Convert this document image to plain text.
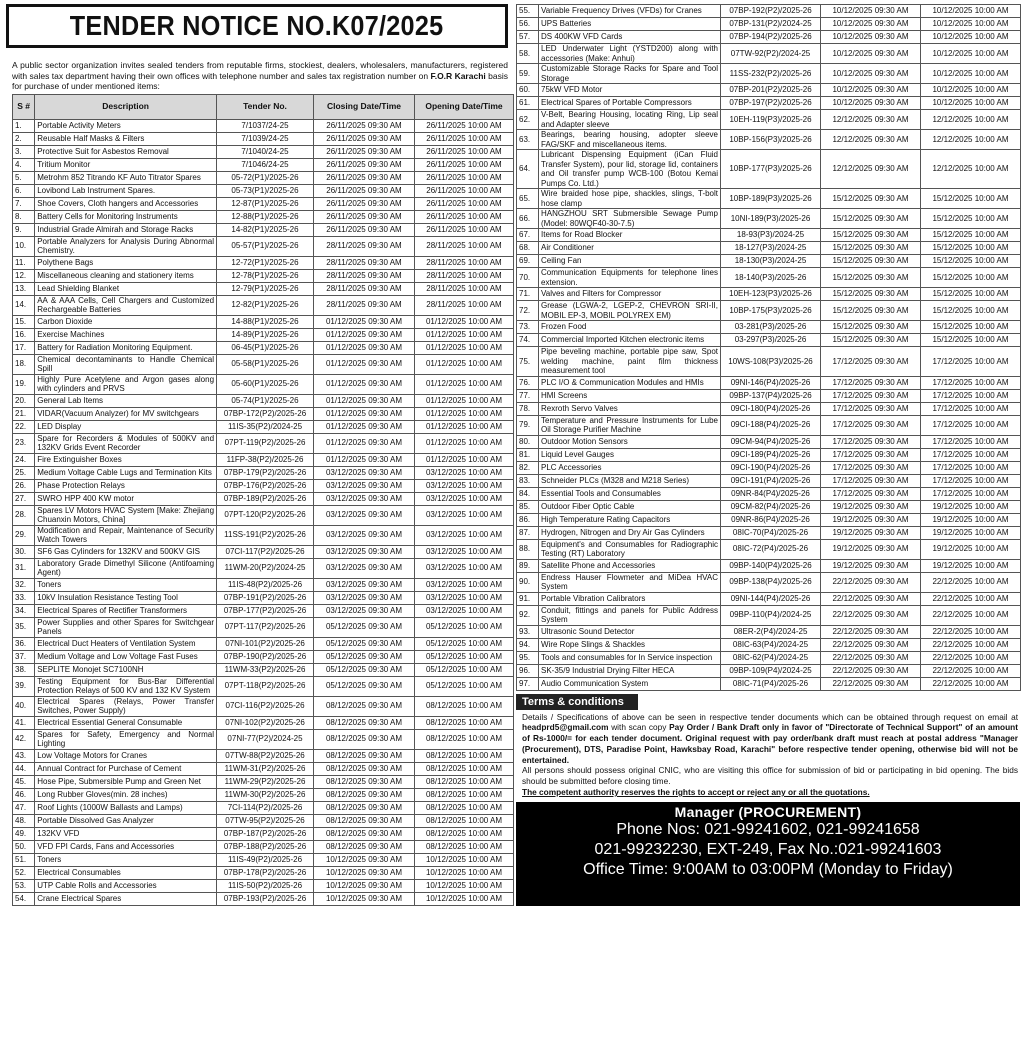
TENDER NOTICE NO.K07/2025
A public sector organization invites sealed tenders from reputable firms, stockiest, dealers, wholesalers, manufacturers, registered with sales tax department having their own offices with telephone number and sales tax registration number on F.O.R Karachi basis for purchase of under mentioned items:
S #	Description	Tender No.	Closing Date/Time	Opening Date/Time
1.	Portable Activity Meters	7/1037/24-25	26/11/2025 09:30 AM	26/11/2025 10:00 AM
2.	Reusable Half Masks & Filters	7/1039/24-25	26/11/2025 09:30 AM	26/11/2025 10:00 AM
3.	Protective Suit for Asbestos Removal	7/1040/24-25	26/11/2025 09:30 AM	26/11/2025 10:00 AM
4.	Tritium Monitor	7/1046/24-25	26/11/2025 09:30 AM	26/11/2025 10:00 AM
5.	Metrohm 852 Titrando KF Auto Titrator Spares	05-72(P1)/2025-26	26/11/2025 09:30 AM	26/11/2025 10:00 AM
6.	Lovibond Lab Instrument Spares.	05-73(P1)/2025-26	26/11/2025 09:30 AM	26/11/2025 10:00 AM
7.	Shoe Covers, Cloth hangers and Accessories	12-87(P1)/2025-26	26/11/2025 09:30 AM	26/11/2025 10:00 AM
8.	Battery Cells for Monitoring Instruments	12-88(P1)/2025-26	26/11/2025 09:30 AM	26/11/2025 10:00 AM
9.	Industrial Grade Almirah and Storage Racks	14-82(P1)/2025-26	26/11/2025 09:30 AM	26/11/2025 10:00 AM
10.	Portable Analyzers for Analysis During Abnormal Chemistry.	05-57(P1)/2025-26	28/11/2025 09:30 AM	28/11/2025 10:00 AM
11.	Polythene Bags	12-72(P1)/2025-26	28/11/2025 09:30 AM	28/11/2025 10:00 AM
12.	Miscellaneous cleaning and stationery items	12-78(P1)/2025-26	28/11/2025 09:30 AM	28/11/2025 10:00 AM
13.	Lead Shielding Blanket	12-79(P1)/2025-26	28/11/2025 09:30 AM	28/11/2025 10:00 AM
14.	AA & AAA Cells, Cell Chargers and Customized Rechargeable Batteries	12-82(P1)/2025-26	28/11/2025 09:30 AM	28/11/2025 10:00 AM
15.	Carbon Dioxide	14-88(P1)/2025-26	01/12/2025 09:30 AM	01/12/2025 10:00 AM
16.	Exercise Machines	14-89(P1)/2025-26	01/12/2025 09:30 AM	01/12/2025 10:00 AM
17.	Battery for Radiation Monitoring Equipment.	06-45(P1)/2025-26	01/12/2025 09:30 AM	01/12/2025 10:00 AM
18.	Chemical decontaminants to Handle Chemical Spill	05-58(P1)/2025-26	01/12/2025 09:30 AM	01/12/2025 10:00 AM
19.	Highly Pure Acetylene and Argon gases along with cylinders and PRVS	05-60(P1)/2025-26	01/12/2025 09:30 AM	01/12/2025 10:00 AM
20.	General Lab Items	05-74(P1)/2025-26	01/12/2025 09:30 AM	01/12/2025 10:00 AM
21.	VIDAR(Vacuum Analyzer) for MV switchgears	07BP-172(P2)/2025-26	01/12/2025 09:30 AM	01/12/2025 10:00 AM
22.	LED Display	11IS-35(P2)/2024-25	01/12/2025 09:30 AM	01/12/2025 10:00 AM
23.	Spare for Recorders & Modules of 500KV and 132KV Grids Event Recorder	07PT-119(P2)/2025-26	01/12/2025 09:30 AM	01/12/2025 10:00 AM
24.	Fire Extinguisher Boxes	11FP-38(P2)/2025-26	01/12/2025 09:30 AM	01/12/2025 10:00 AM
25.	Medium Voltage Cable Lugs and Termination Kits	07BP-179(P2)/2025-26	03/12/2025 09:30 AM	03/12/2025 10:00 AM
26.	Phase Protection Relays	07BP-176(P2)/2025-26	03/12/2025 09:30 AM	03/12/2025 10:00 AM
27.	SWRO HPP 400 KW motor	07BP-189(P2)/2025-26	03/12/2025 09:30 AM	03/12/2025 10:00 AM
28.	Spares LV Motors HVAC System [Make: Zhejiang Chuanxin Motors, China]	07PT-120(P2)/2025-26	03/12/2025 09:30 AM	03/12/2025 10:00 AM
29.	Modification and Repair, Maintenance of Security Watch Towers	11SS-191(P2)/2025-26	03/12/2025 09:30 AM	03/12/2025 10:00 AM
30.	SF6 Gas Cylinders for 132KV and 500KV GIS	07CI-117(P2)/2025-26	03/12/2025 09:30 AM	03/12/2025 10:00 AM
31.	Laboratory Grade Dimethyl Silicone (Antifoaming Agent)	11WM-20(P2)/2024-25	03/12/2025 09:30 AM	03/12/2025 10:00 AM
32.	Toners	11IS-48(P2)/2025-26	03/12/2025 09:30 AM	03/12/2025 10:00 AM
33.	10kV Insulation Resistance Testing Tool	07BP-191(P2)/2025-26	03/12/2025 09:30 AM	03/12/2025 10:00 AM
34.	Electrical Spares of Rectifier Transformers	07BP-177(P2)/2025-26	03/12/2025 09:30 AM	03/12/2025 10:00 AM
35.	Power Supplies and other Spares for Switchgear Panels	07PT-117(P2)/2025-26	05/12/2025 09:30 AM	05/12/2025 10:00 AM
36.	Electrical Duct Heaters of Ventilation System	07NI-101(P2)/2025-26	05/12/2025 09:30 AM	05/12/2025 10:00 AM
37.	Medium Voltage and Low Voltage Fast Fuses	07BP-190(P2)/2025-26	05/12/2025 09:30 AM	05/12/2025 10:00 AM
38.	SEPLITE Monojet SC7100NH	11WM-33(P2)/2025-26	05/12/2025 09:30 AM	05/12/2025 10:00 AM
39.	Testing Equipment for Bus-Bar Differential Protection Relays of 500 KV and 132 KV System	07PT-118(P2)/2025-26	05/12/2025 09:30 AM	05/12/2025 10:00 AM
40.	Electrical Spares (Relays, Power Transfer Switches, Power Supply)	07CI-116(P2)/2025-26	08/12/2025 09:30 AM	08/12/2025 10:00 AM
41.	Electrical Essential General Consumable	07NI-102(P2)/2025-26	08/12/2025 09:30 AM	08/12/2025 10:00 AM
42.	Spares for Safety, Emergency and Normal Lighting	07NI-77(P2)/2024-25	08/12/2025 09:30 AM	08/12/2025 10:00 AM
43.	Low Voltage Motors for Cranes	07TW-88(P2)/2025-26	08/12/2025 09:30 AM	08/12/2025 10:00 AM
44.	Annual Contract for Purchase of Cement	11WM-31(P2)/2025-26	08/12/2025 09:30 AM	08/12/2025 10:00 AM
45.	Hose Pipe, Submersible Pump and Green Net	11WM-29(P2)/2025-26	08/12/2025 09:30 AM	08/12/2025 10:00 AM
46.	Long Rubber Gloves(min. 28 inches)	11WM-30(P2)/2025-26	08/12/2025 09:30 AM	08/12/2025 10:00 AM
47.	Roof Lights (1000W Ballasts and Lamps)	7CI-114(P2)/2025-26	08/12/2025 09:30 AM	08/12/2025 10:00 AM
48.	Portable Dissolved Gas Analyzer	07TW-95(P2)/2025-26	08/12/2025 09:30 AM	08/12/2025 10:00 AM
49.	132KV VFD	07BP-187(P2)/2025-26	08/12/2025 09:30 AM	08/12/2025 10:00 AM
50.	VFD FPI Cards, Fans and Accessories	07BP-188(P2)/2025-26	08/12/2025 09:30 AM	08/12/2025 10:00 AM
51.	Toners	11IS-49(P2)/2025-26	10/12/2025 09:30 AM	10/12/2025 10:00 AM
52.	Electrical Consumables	07BP-178(P2)/2025-26	10/12/2025 09:30 AM	10/12/2025 10:00 AM
53.	UTP Cable Rolls and Accessories	11IS-50(P2)/2025-26	10/12/2025 09:30 AM	10/12/2025 10:00 AM
54.	Crane Electrical Spares	07BP-193(P2)/2025-26	10/12/2025 09:30 AM	10/12/2025 10:00 AM
55.	Variable Frequency Drives (VFDs) for Cranes	07BP-192(P2)/2025-26	10/12/2025 09:30 AM	10/12/2025 10:00 AM
56.	UPS Batteries	07BP-131(P2)/2024-25	10/12/2025 09:30 AM	10/12/2025 10:00 AM
57.	DS 400KW VFD Cards	07BP-194(P2)/2025-26	10/12/2025 09:30 AM	10/12/2025 10:00 AM
58.	LED Underwater Light (YSTD200) along with accessories (Make: Anhui)	07TW-92(P2)/2024-25	10/12/2025 09:30 AM	10/12/2025 10:00 AM
59.	Customizable Storage Racks for Spare and Tool Storage	11SS-232(P2)/2025-26	10/12/2025 09:30 AM	10/12/2025 10:00 AM
60.	75kW VFD Motor	07BP-201(P2)/2025-26	10/12/2025 09:30 AM	10/12/2025 10:00 AM
61.	Electrical Spares of Portable Compressors	07BP-197(P2)/2025-26	10/12/2025 09:30 AM	10/12/2025 10:00 AM
62.	V-Belt, Bearing Housing, locating Ring, Lip seal and Adapter sleeve	10EH-119(P3)/2025-26	12/12/2025 09:30 AM	12/12/2025 10:00 AM
63.	Bearings, bearing housing, adopter sleeve FAG/SKF and miscellaneous items.	10BP-156(P3)/2025-26	12/12/2025 09:30 AM	12/12/2025 10:00 AM
64.	Lubricant Dispensing Equipment (iCan Fluid Transfer System), pour lid, storage lid, containers and Oil transfer pump WCB-100 (Botou Kemai Pumps Co. Ltd.)	10BP-177(P3)/2025-26	12/12/2025 09:30 AM	12/12/2025 10:00 AM
65.	Wire braided hose pipe, shackles, slings, T-bolt hose clamp	10BP-189(P3)/2025-26	15/12/2025 09:30 AM	15/12/2025 10:00 AM
66.	HANGZHOU SRT Submersible Sewage Pump (Model: 80WQF40-30-7.5)	10NI-189(P3)/2025-26	15/12/2025 09:30 AM	15/12/2025 10:00 AM
67.	Items for Road Blocker	18-93(P3)/2024-25	15/12/2025 09:30 AM	15/12/2025 10:00 AM
68.	Air Conditioner	18-127(P3)/2024-25	15/12/2025 09:30 AM	15/12/2025 10:00 AM
69.	Ceiling Fan	18-130(P3)/2024-25	15/12/2025 09:30 AM	15/12/2025 10:00 AM
70.	Communication Equipments for telephone lines extension.	18-140(P3)/2025-26	15/12/2025 09:30 AM	15/12/2025 10:00 AM
71.	Valves and Filters for Compressor	10EH-123(P3)/2025-26	15/12/2025 09:30 AM	15/12/2025 10:00 AM
72.	Grease (LGWA-2, LGEP-2, CHEVRON SRI-II, MOBIL EP-3, MOBIL POLYREX EM)	10BP-175(P3)/2025-26	15/12/2025 09:30 AM	15/12/2025 10:00 AM
73.	Frozen Food	03-281(P3)/2025-26	15/12/2025 09:30 AM	15/12/2025 10:00 AM
74.	Commercial Imported Kitchen electronic items	03-297(P3)/2025-26	15/12/2025 09:30 AM	15/12/2025 10:00 AM
75.	Pipe beveling machine, portable pipe saw, Spot welding machine, paint film thickness measurement tool	10WS-108(P3)/2025-26	17/12/2025 09:30 AM	17/12/2025 10:00 AM
76.	PLC I/O & Communication Modules and HMIs	09NI-146(P4)/2025-26	17/12/2025 09:30 AM	17/12/2025 10:00 AM
77.	HMI Screens	09BP-137(P4)/2025-26	17/12/2025 09:30 AM	17/12/2025 10:00 AM
78.	Rexroth Servo Valves	09CI-180(P4)/2025-26	17/12/2025 09:30 AM	17/12/2025 10:00 AM
79.	Temperature and Pressure Instruments for Lube Oil Storage Purifier Machine	09CI-188(P4)/2025-26	17/12/2025 09:30 AM	17/12/2025 10:00 AM
80.	Outdoor Motion Sensors	09CM-94(P4)/2025-26	17/12/2025 09:30 AM	17/12/2025 10:00 AM
81.	Liquid Level Gauges	09CI-189(P4)/2025-26	17/12/2025 09:30 AM	17/12/2025 10:00 AM
82.	PLC Accessories	09CI-190(P4)/2025-26	17/12/2025 09:30 AM	17/12/2025 10:00 AM
83.	Schneider PLCs (M328 and M218 Series)	09CI-191(P4)/2025-26	17/12/2025 09:30 AM	17/12/2025 10:00 AM
84.	Essential Tools and Consumables	09NR-84(P4)/2025-26	17/12/2025 09:30 AM	17/12/2025 10:00 AM
85.	Outdoor Fiber Optic Cable	09CM-82(P4)/2025-26	19/12/2025 09:30 AM	19/12/2025 10:00 AM
86.	High Temperature Rating Capacitors	09NR-86(P4)/2025-26	19/12/2025 09:30 AM	19/12/2025 10:00 AM
87.	Hydrogen, Nitrogen and Dry Air Gas Cylinders	08IC-70(P4)/2025-26	19/12/2025 09:30 AM	19/12/2025 10:00 AM
88.	Equipment's and Consumables for Radiographic Testing (RT) Laboratory	08IC-72(P4)/2025-26	19/12/2025 09:30 AM	19/12/2025 10:00 AM
89.	Satellite Phone and Accessories	09BP-140(P4)/2025-26	19/12/2025 09:30 AM	19/12/2025 10:00 AM
90.	Endress Hauser Flowmeter and MiDea HVAC System	09BP-138(P4)/2025-26	22/12/2025 09:30 AM	22/12/2025 10:00 AM
91.	Portable Vibration Calibrators	09NI-144(P4)/2025-26	22/12/2025 09:30 AM	22/12/2025 10:00 AM
92.	Conduit, fittings and panels for Public Address System	09BP-110(P4)/2024-25	22/12/2025 09:30 AM	22/12/2025 10:00 AM
93.	Ultrasonic Sound Detector	08ER-2(P4)/2024-25	22/12/2025 09:30 AM	22/12/2025 10:00 AM
94.	Wire Rope Slings & Shackles	08IC-63(P4)/2024-25	22/12/2025 09:30 AM	22/12/2025 10:00 AM
95.	Tools and consumables for In Service inspection	08IC-62(P4)/2024-25	22/12/2025 09:30 AM	22/12/2025 10:00 AM
96.	SK-35/9 Industrial Drying Filter HECA	09BP-109(P4)/2024-25	22/12/2025 09:30 AM	22/12/2025 10:00 AM
97.	Audio Communication System	08IC-71(P4)/2025-26	22/12/2025 09:30 AM	22/12/2025 10:00 AM
Terms & conditions
Details / Specifications of above can be seen in respective tender documents which can be obtained through request on email at headprd5@gmail.com with scan copy Pay Order / Bank Draft only in favor of "Directorate of Technical Support" of an amount of Rs-1000/= for each tender document. Original request with pay order/bank draft must reach at postal address "Manager (Procurement), DTS, Paradise Point, Hawksbay Road, Karachi" before respective tender opening, otherwise bid will not be entertained.
All persons should possess original CNIC, who are visiting this office for submission of bid or participating in bid opening. The bids should be submitted before closing time.
The competent authority reserves the rights to accept or reject any or all the quotations.
Manager (PROCUREMENT)
Phone Nos: 021-99241602, 021-99241658
021-99232230, EXT-249, Fax No.:021-99241603
Office Time: 9:00AM to 03:00PM (Monday to Friday)
